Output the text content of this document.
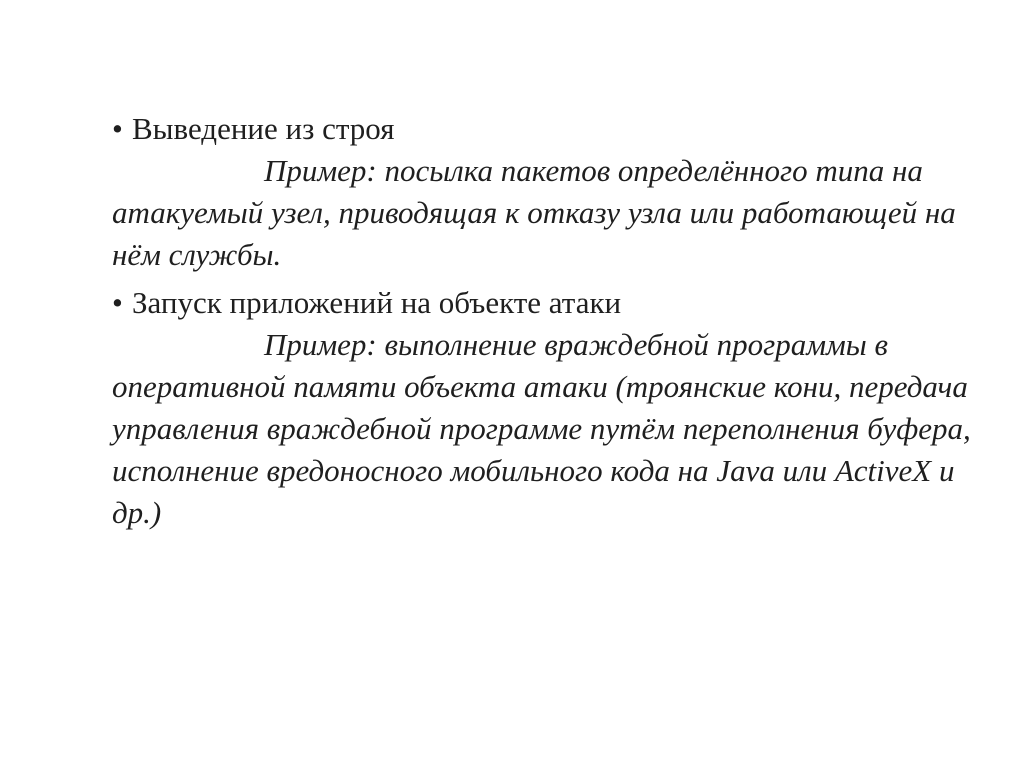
• Выведение из строя

Пример: посылка пакетов определённого типа на атакуемый узел, приводящая к отказу узла или работающей на нём службы.

• Запуск приложений на объекте атаки

Пример: выполнение враждебной программы в оперативной памяти объекта атаки (троянские кони, передача управления враждебной программе путём переполнения буфера, исполнение вредоносного мобильного кода на Java или ActiveX и др.)
